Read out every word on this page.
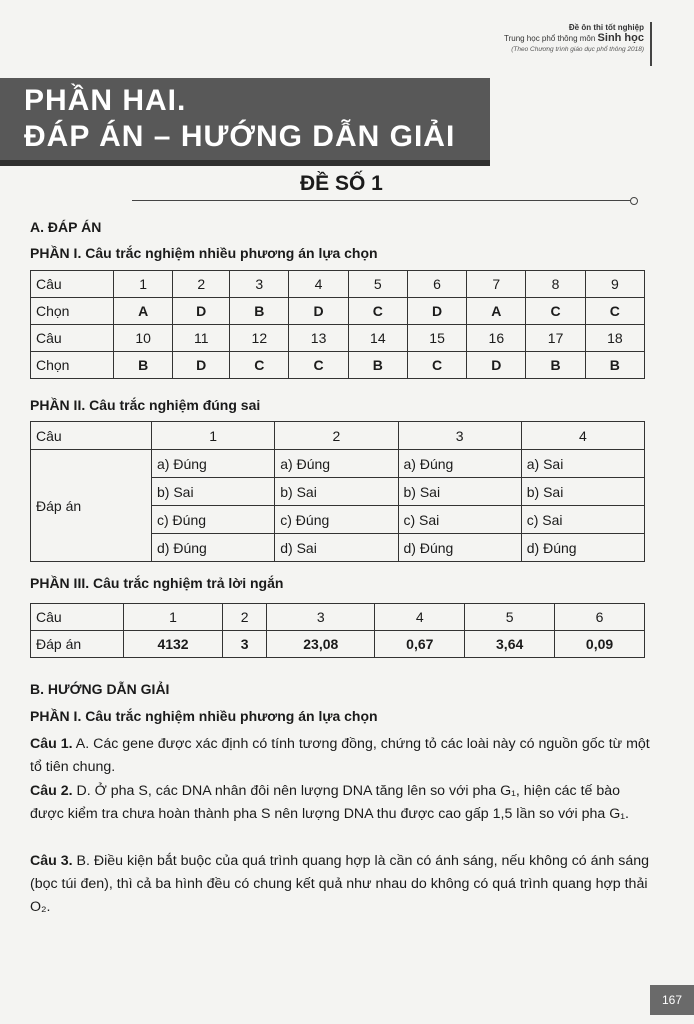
Đề ôn thi tốt nghiệp
Trung học phổ thông môn Sinh học
(Theo Chương trình giáo dục phổ thông 2018)
PHẦN HAI.
ĐÁP ÁN – HƯỚNG DẪN GIẢI
ĐỀ SỐ 1
A. ĐÁP ÁN
PHẦN I. Câu trắc nghiệm nhiều phương án lựa chọn
Câu	1	2	3	4	5	6	7	8	9
Chọn	A	D	B	D	C	D	A	C	C
Câu	10	11	12	13	14	15	16	17	18
Chọn	B	D	C	C	B	C	D	B	B
PHẦN II. Câu trắc nghiệm đúng sai
Câu	1	2	3	4
Đáp án	a) Đúng	a) Đúng	a) Đúng	a) Sai
	b) Sai	b) Sai	b) Sai	b) Sai
	c) Đúng	c) Đúng	c) Sai	c) Sai
	d) Đúng	d) Sai	d) Đúng	d) Đúng
PHẦN III. Câu trắc nghiệm trả lời ngắn
Câu	1	2	3	4	5	6
Đáp án	4132	3	23,08	0,67	3,64	0,09
B. HƯỚNG DẪN GIẢI
PHẦN I. Câu trắc nghiệm nhiều phương án lựa chọn
Câu 1. A. Các gene được xác định có tính tương đồng, chứng tỏ các loài này có nguồn gốc từ một tổ tiên chung.
Câu 2. D. Ở pha S, các DNA nhân đôi nên lượng DNA tăng lên so với pha G₁, hiện các tế bào được kiểm tra chưa hoàn thành pha S nên lượng DNA thu được cao gấp 1,5 lần so với pha G₁.
Câu 3. B. Điều kiện bắt buộc của quá trình quang hợp là cần có ánh sáng, nếu không có ánh sáng (bọc túi đen), thì cả ba hình đều có chung kết quả như nhau do không có quá trình quang hợp thải O₂.
167
